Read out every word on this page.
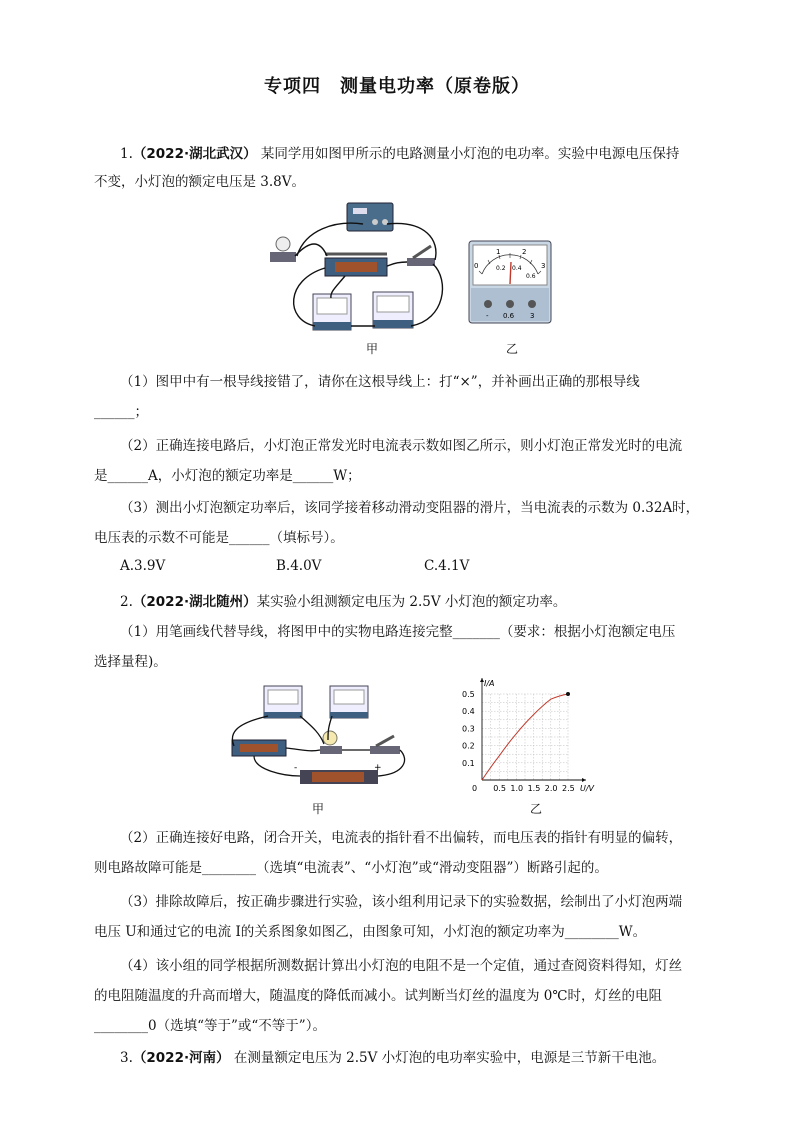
专项四　测量电功率（原卷版）
1.（2022·湖北武汉） 某同学用如图甲所示的电路测量小灯泡的电功率。实验中电源电压保持
不变，小灯泡的额定电压是 3.8V。
甲
0
1	2
3
0.2 0.4
0.6
- 0.6 3
乙
（1）图甲中有一根导线接错了，请你在这根导线上：打“×”，并补画出正确的那根导线
______；
（2）正确连接电路后，小灯泡正常发光时电流表示数如图乙所示，则小灯泡正常发光时的电流
是______A，小灯泡的额定功率是______W；
（3）测出小灯泡额定功率后，该同学接着移动滑动变阻器的滑片，当电流表的示数为 0.32A时，
电压表的示数不可能是______（填标号）。
A.3.9V	B.4.0V	C.4.1V
2.（2022·湖北随州）某实验小组测额定电压为 2.5V 小灯泡的额定功率。
（1）用笔画线代替导线，将图甲中的实物电路连接完整_______（要求：根据小灯泡额定电压
选择量程)。
-	+
甲
0 0.5 1.0 1.5 2.0 2.5
0.1
0.2
0.3
0.4
0.5
I/A
U/V
乙
（2）正确连接好电路，闭合开关，电流表的指针看不出偏转，而电压表的指针有明显的偏转，
则电路故障可能是________（选填“电流表”、“小灯泡”或“滑动变阻器”）断路引起的。
（3）排除故障后，按正确步骤进行实验，该小组利用记录下的实验数据，绘制出了小灯泡两端
电压 U和通过它的电流 I的关系图象如图乙，由图象可知，小灯泡的额定功率为________W。
（4）该小组的同学根据所测数据计算出小灯泡的电阻不是一个定值，通过查阅资料得知，灯丝
的电阻随温度的升高而增大，随温度的降低而减小。试判断当灯丝的温度为 0℃时，灯丝的电阻
________0（选填“等于”或“不等于”）。
3.（2022·河南） 在测量额定电压为 2.5V 小灯泡的电功率实验中，电源是三节新干电池。
